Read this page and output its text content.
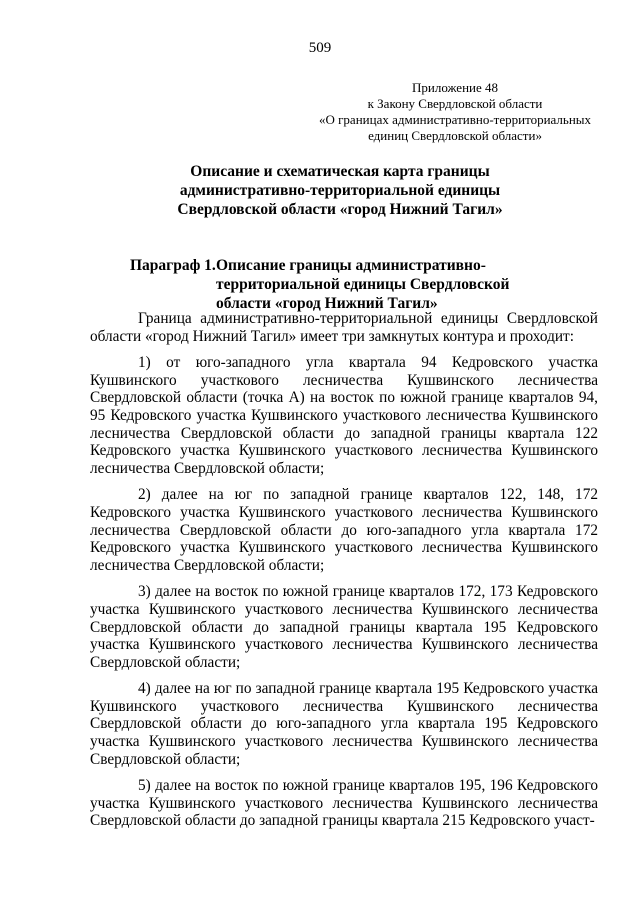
509
Приложение 48
к Закону Свердловской области
«О границах административно-территориальных
единиц Свердловской области»
Описание и схематическая карта границы
административно-территориальной единицы
Свердловской области «город Нижний Тагил»
Параграф 1.Описание границы административно-
территориальной единицы Свердловской
области «город Нижний Тагил»

Граница административно-территориальной единицы Свердловской области «город Нижний Тагил» имеет три замкнутых контура и проходит:

1) от юго-западного угла квартала 94 Кедровского участка Кушвинского участкового лесничества Кушвинского лесничества Свердловской области (точка А) на восток по южной границе кварталов 94, 95 Кедровского участка Кушвинского участкового лесничества Кушвинского лесничества Свердловской области до западной границы квартала 122 Кедровского участка Кушвинского участкового лесничества Кушвинского лесничества Свердловской области;

2) далее на юг по западной границе кварталов 122, 148, 172 Кедровского участка Кушвинского участкового лесничества Кушвинского лесничества Свердловской области до юго-западного угла квартала 172 Кедровского участка Кушвинского участкового лесничества Кушвинского лесничества Свердловской области;

3) далее на восток по южной границе кварталов 172, 173 Кедровского участка Кушвинского участкового лесничества Кушвинского лесничества Свердловской области до западной границы квартала 195 Кедровского участка Кушвинского участкового лесничества Кушвинского лесничества Свердловской области;

4) далее на юг по западной границе квартала 195 Кедровского участка Кушвинского участкового лесничества Кушвинского лесничества Свердловской области до юго-западного угла квартала 195 Кедровского участка Кушвинского участкового лесничества Кушвинского лесничества Свердловской области;

5) далее на восток по южной границе кварталов 195, 196 Кедровского участка Кушвинского участкового лесничества Кушвинского лесничества Свердловской области до западной границы квартала 215 Кедровского участ-
